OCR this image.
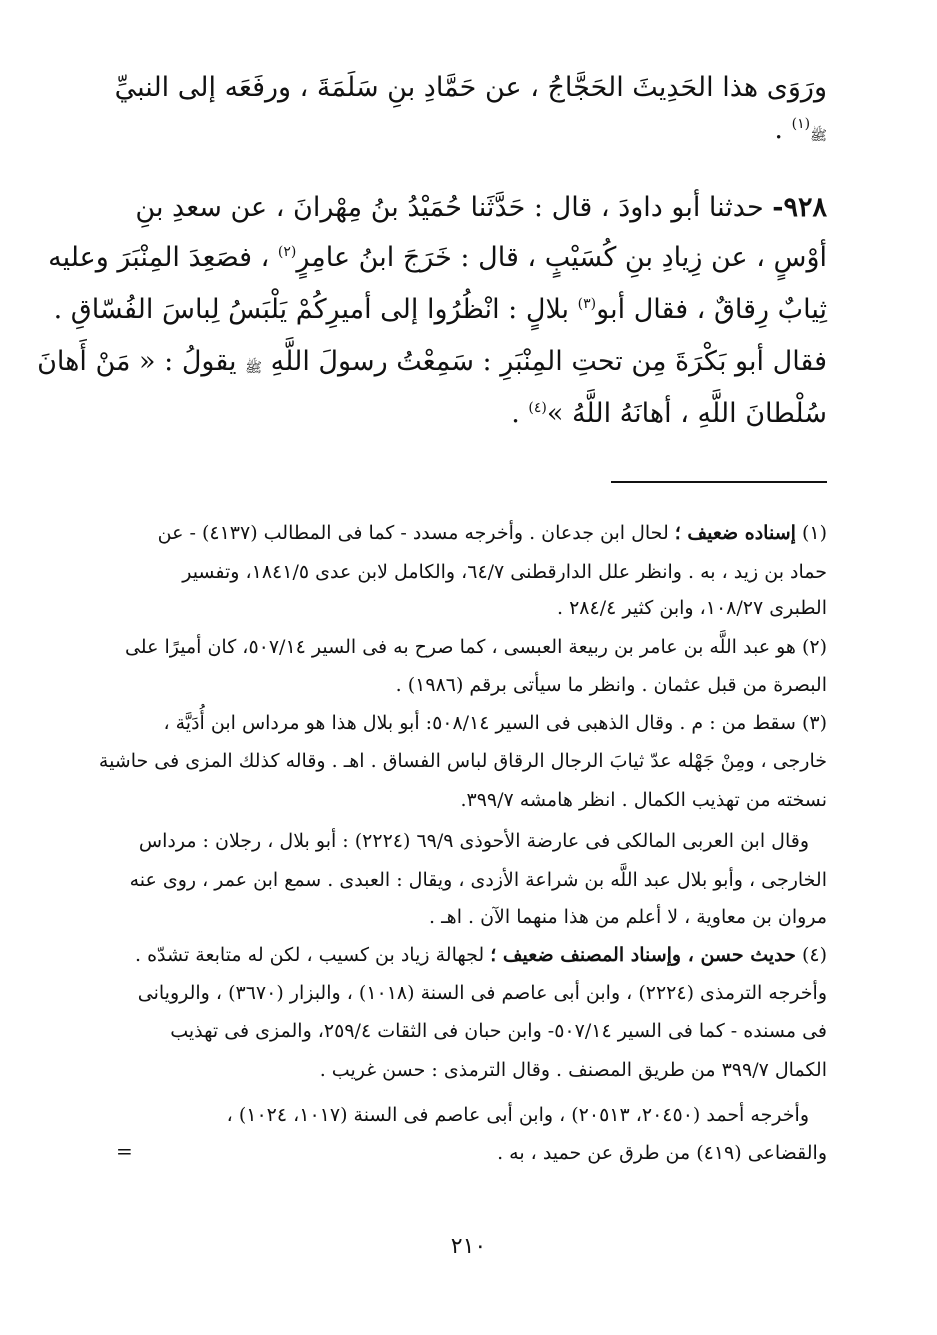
ورَوَى هذا الحَدِيثَ الحَجَّاجُ ، عن حَمَّادِ بنِ سَلَمَةَ ، ورفَعَه إلى النبيِّ

ﷺ$^{(١)}$ .

٩٢٨- حدثنا أبو داودَ ، قال : حَدَّثَنا حُمَيْدُ بنُ مِهْرانَ ، عن سعدِ بنِ

أوْسٍ ، عن زِيادِ بنِ كُسَيْبٍ ، قال : خَرَجَ ابنُ عامِرٍ$^{(٢)}$ ، فصَعِدَ المِنْبَرَ وعليه

ثِيابٌ رِقاقٌ ، فقال أبو$^{(٣)}$ بلالٍ : انْظُرُوا إلى أميرِكُمْ يَلْبَسُ لِباسَ الفُسّاقِ .

فقال أبو بَكْرَةَ مِن تحتِ المِنْبَرِ : سَمِعْتُ رسولَ اللَّهِ ﷺ يقولُ : « مَنْ أَهانَ

سُلْطانَ اللَّهِ ، أهانَهُ اللَّهُ »$^{(٤)}$ .

(١) إسناده ضعيف ؛ لحال ابن جدعان . وأخرجه مسدد - كما فى المطالب (٤١٣٧) - عن

حماد بن زيد ، به . وانظر علل الدارقطنى ٦٤/٧، والكامل لابن عدى ١٨٤١/٥، وتفسير

الطبرى ١٠٨/٢٧، وابن كثير ٢٨٤/٤ .

(٢) هو عبد اللَّه بن عامر بن ربيعة العبسى ، كما صرح به فى السير ٥٠٧/١٤، كان أميرًا على

البصرة من قبل عثمان . وانظر ما سيأتى برقم (١٩٨٦) .

(٣) سقط من : م . وقال الذهبى فى السير ٥٠٨/١٤: أبو بلال هذا هو مرداس ابن أُدَيَّة ،

خارجى ، ومِنْ جَهْله عدّ ثيابَ الرجال الرقاق لباس الفساق . اهـ . وقاله كذلك المزى فى حاشية

نسخته من تهذيب الكمال . انظر هامشه ٣٩٩/٧.

وقال ابن العربى المالكى فى عارضة الأحوذى ٦٩/٩ (٢٢٢٤) : أبو بلال ، رجلان : مرداس

الخارجى ، وأبو بلال عبد اللَّه بن شراعة الأزدى ، ويقال : العبدى . سمع ابن عمر ، روى عنه

مروان بن معاوية ، لا أعلم من هذا منهما الآن . اهـ .

(٤) حديث حسن ، وإسناد المصنف ضعيف ؛ لجهالة زياد بن كسيب ، لكن له متابعة تشدّه .

وأخرجه الترمذى (٢٢٢٤) ، وابن أبى عاصم فى السنة (١٠١٨) ، والبزار (٣٦٧٠) ، والرويانى

فى مسنده - كما فى السير ٥٠٧/١٤- وابن حبان فى الثقات ٢٥٩/٤، والمزى فى تهذيب

الكمال ٣٩٩/٧ من طريق المصنف . وقال الترمذى : حسن غريب .

وأخرجه أحمد (٢٠٤٥٠، ٢٠٥١٣) ، وابن أبى عاصم فى السنة (١٠١٧، ١٠٢٤) ،

والقضاعى (٤١٩) من طرق عن حميد ، به .

=
٢١٠
